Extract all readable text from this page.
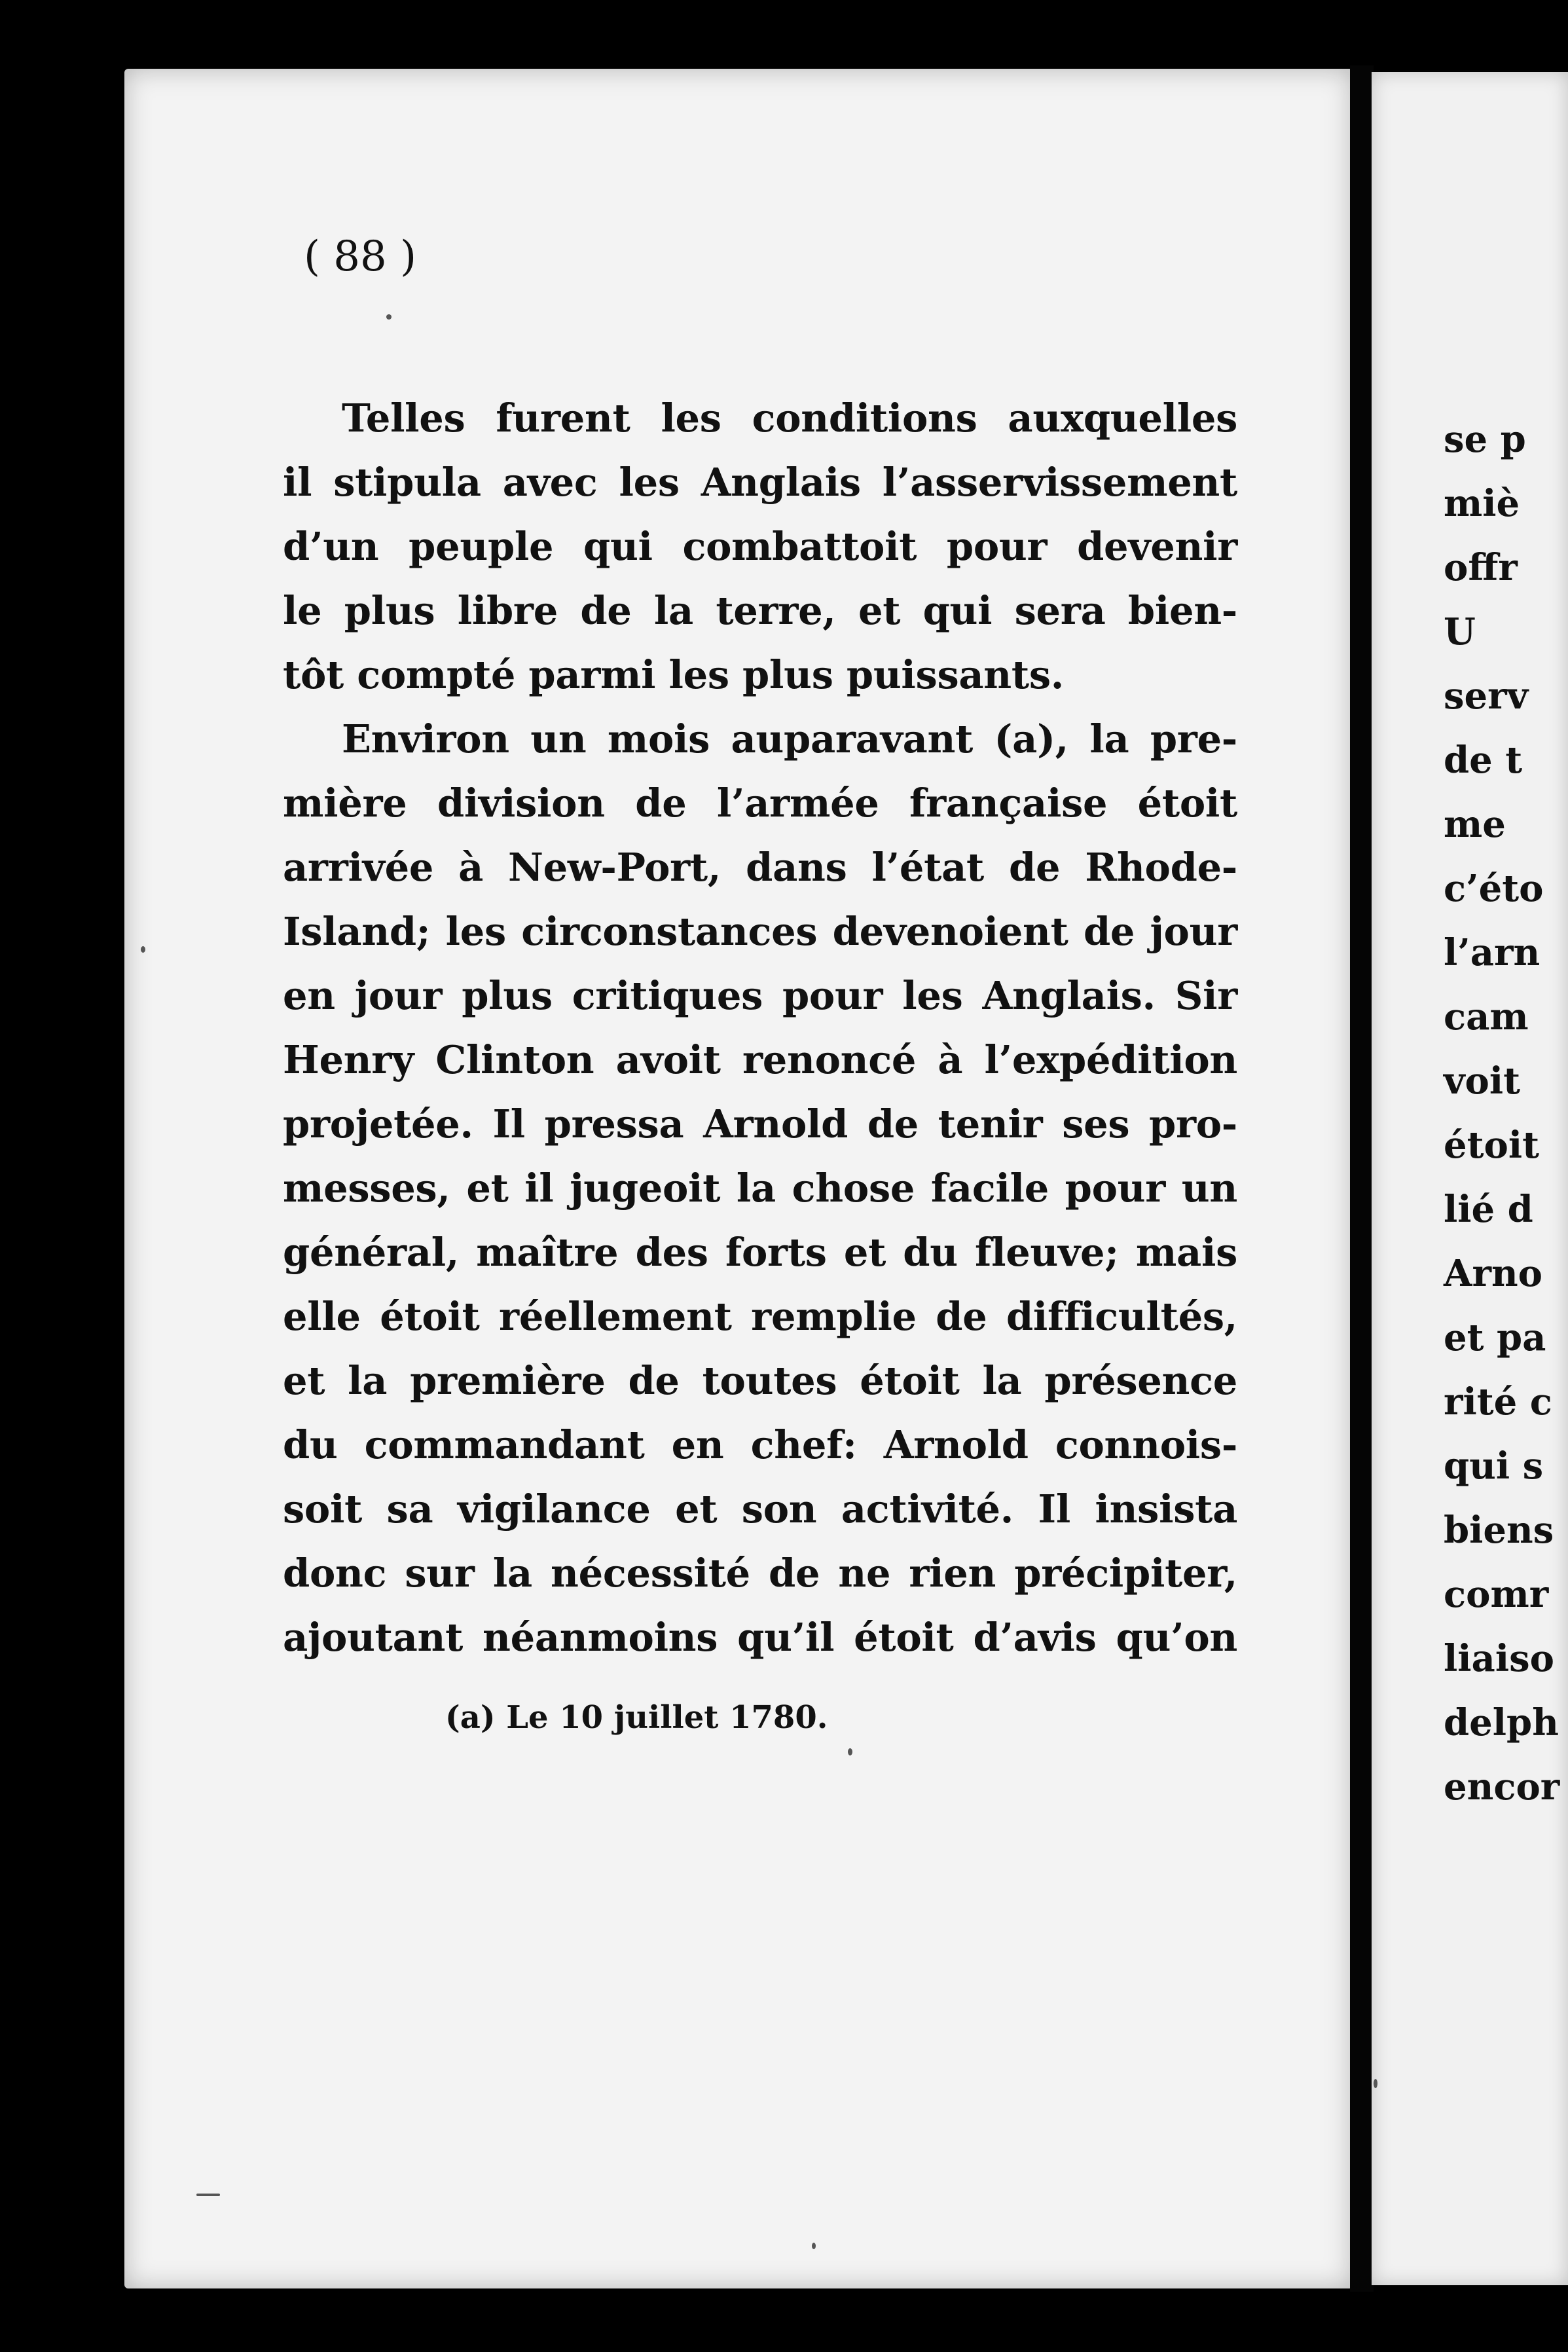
( 88 )
Telles furent les conditions auxquelles
il stipula avec les Anglais l’asservissement
d’un peuple qui combattoit pour devenir
le plus libre de la terre, et qui sera bien-
tôt compté parmi les plus puissants.
Environ un mois auparavant (a), la pre-
mière division de l’armée française étoit
arrivée à New-Port, dans l’état de Rhode-
Island; les circonstances devenoient de jour
en jour plus critiques pour les Anglais. Sir
Henry Clinton avoit renoncé à l’expédition
projetée. Il pressa Arnold de tenir ses pro-
messes, et il jugeoit la chose facile pour un
général, maître des forts et du fleuve; mais
elle étoit réellement remplie de difficultés,
et la première de toutes étoit la présence
du commandant en chef: Arnold connois-
soit sa vigilance et son activité. Il insista
donc sur la nécessité de ne rien précipiter,
ajoutant néanmoins qu’il étoit d’avis qu’on
(a) Le 10 juillet 1780.
se p
miè
offr
U
serv
de t
me
c’éto
l’arn
cam
voit
étoit
lié d
Arno
et pa
rité c
qui s
biens
comr
liaiso
delph
encor
